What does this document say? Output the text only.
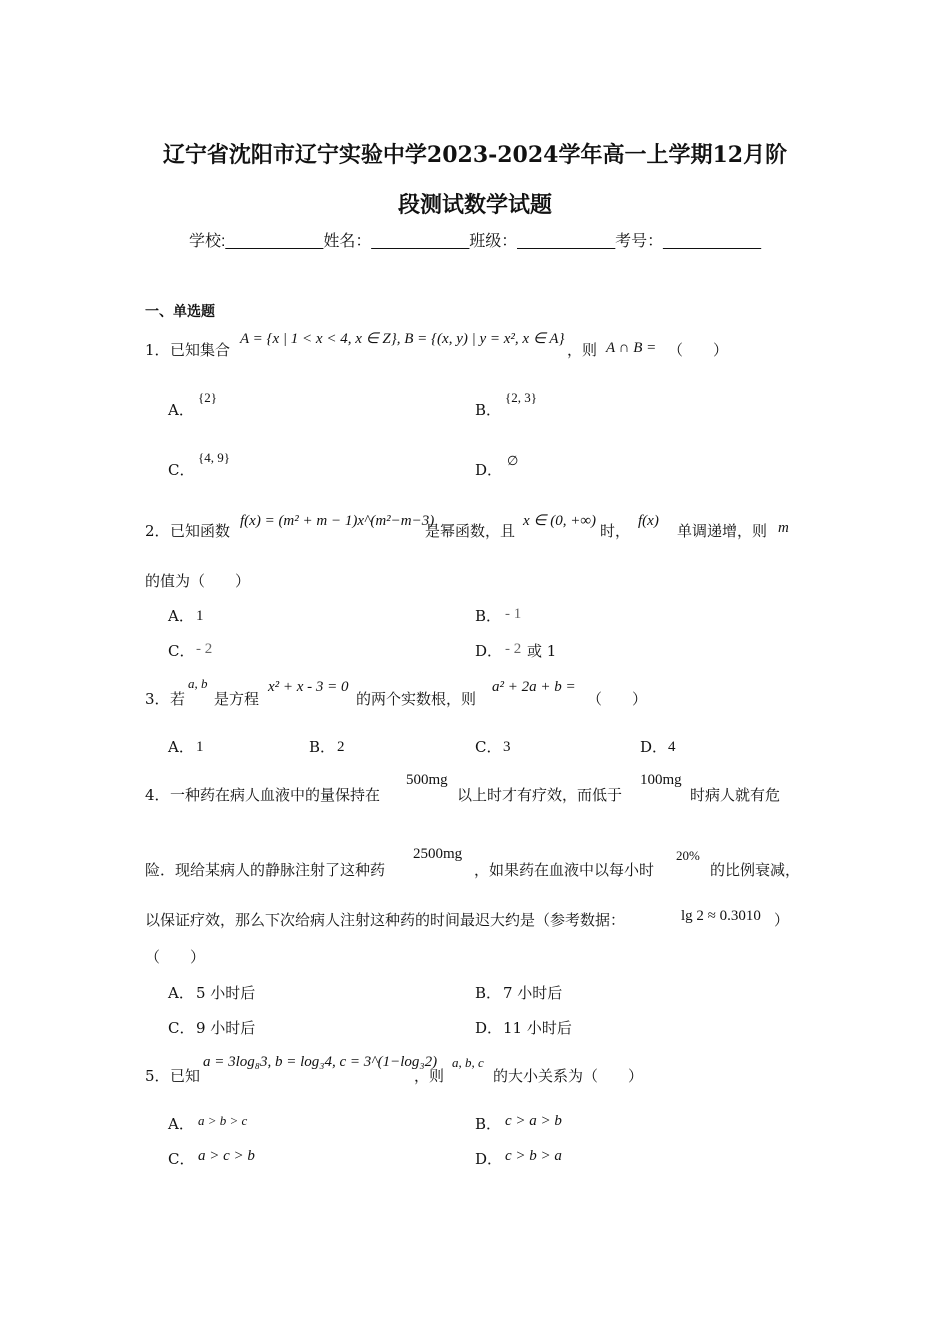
辽宁省沈阳市辽宁实验中学2023-2024学年高一上学期12月阶
段测试数学试题
学校:___________姓名：___________班级：___________考号：___________
一、单选题
1． 已知集合
A = {x | 1 < x < 4, x ∈ Z}, B = {(x, y) | y = x², x ∈ A}
，则 A ∩ B = （　　）
A．
{2}
B．
{2, 3}
C．
{4, 9}
D．
∅
2． 已知函数
f(x) = (m² + m − 1)x^(m²−m−3)
是幂函数，且
x ∈ (0, +∞)
时，
f(x)
单调递增，则 m
的值为（　　）
A． 1	B． - 1
C． - 2	D． - 2 或 1
3． 若
a, b
是方程
x² + x - 3 = 0
的两个实数根，则
a² + 2a + b =
（　　）
A． 1	B． 2	C． 3	D． 4
4． 一种药在病人血液中的量保持在
500mg
以上时才有疗效，而低于
100mg
时病人就有危
险．现给某病人的静脉注射了这种药
2500mg
，如果药在血液中以每小时
20%
的比例衰减，
以保证疗效，那么下次给病人注射这种药的时间最迟大约是（参考数据：	lg 2 ≈ 0.3010 ）
（　　）
A． 5 小时后	B． 7 小时后
C． 9 小时后	D． 11 小时后
5． 已知
a = 3log₈3, b = log₃4, c = 3^(1−log₃2)
，则
a, b, c
的大小关系为（　　）
A． a > b > c	B． c > a > b
C． a > c > b	D． c > b > a
